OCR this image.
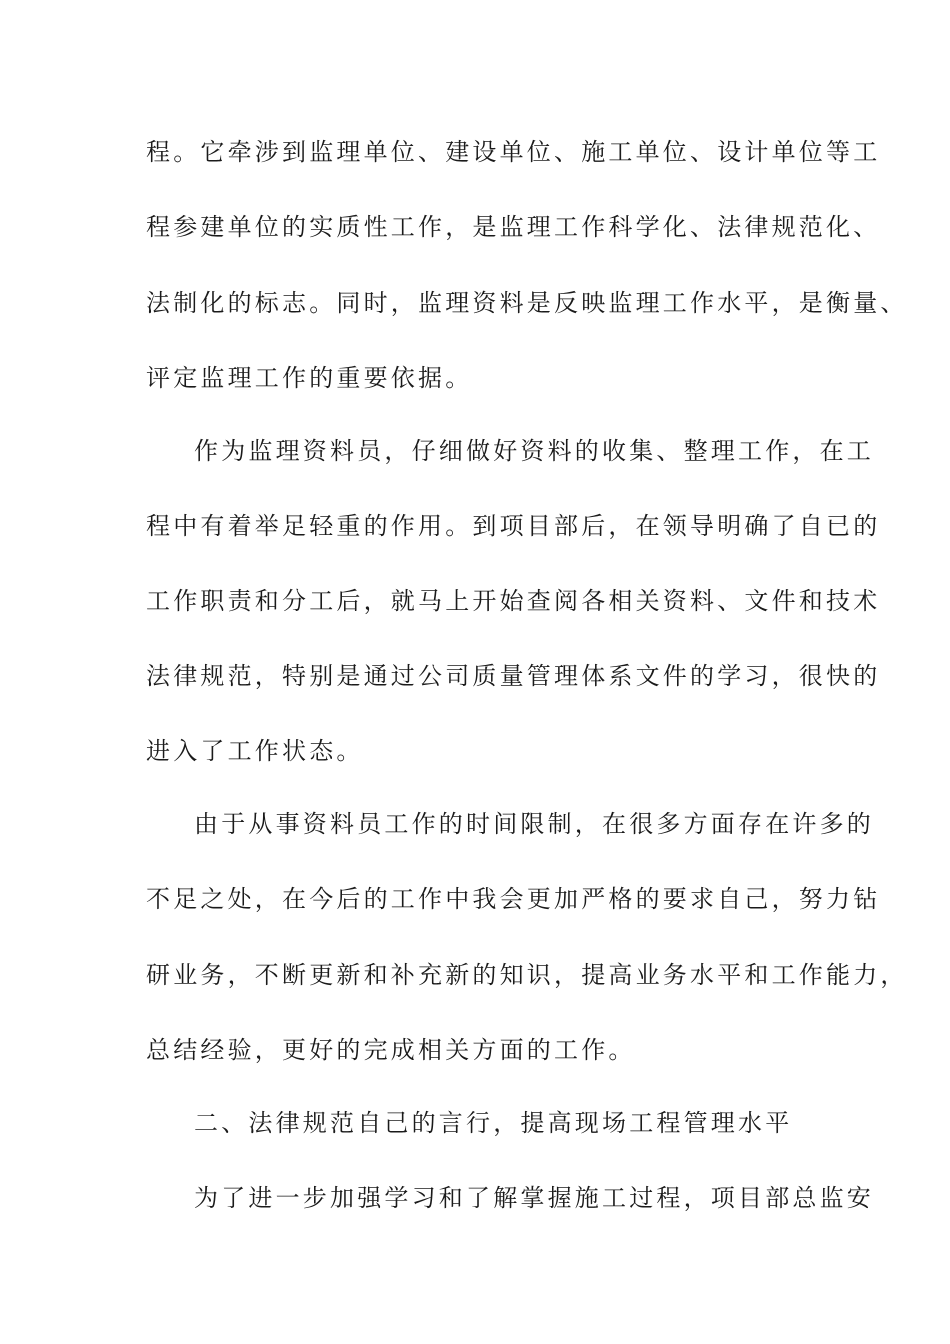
程。它牵涉到监理单位、建设单位、施工单位、设计单位等工
程参建单位的实质性工作，是监理工作科学化、法律规范化、
法制化的标志。同时，监理资料是反映监理工作水平，是衡量、
评定监理工作的重要依据。
作为监理资料员，仔细做好资料的收集、整理工作，在工
程中有着举足轻重的作用。到项目部后，在领导明确了自已的
工作职责和分工后，就马上开始查阅各相关资料、文件和技术
法律规范，特别是通过公司质量管理体系文件的学习，很快的
进入了工作状态。
由于从事资料员工作的时间限制，在很多方面存在许多的
不足之处，在今后的工作中我会更加严格的要求自己，努力钻
研业务，不断更新和补充新的知识，提高业务水平和工作能力，
总结经验，更好的完成相关方面的工作。
二、法律规范自己的言行，提高现场工程管理水平
为了进一步加强学习和了解掌握施工过程，项目部总监安
